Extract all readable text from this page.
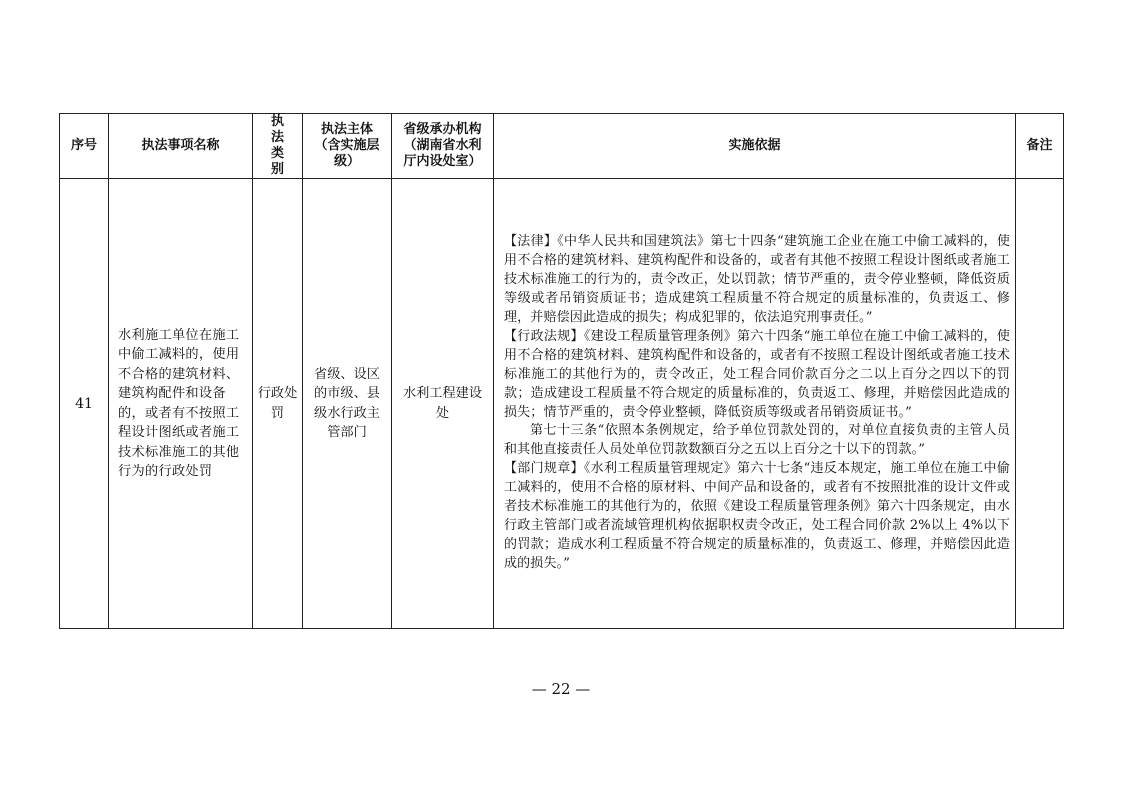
序号	执法事项名称	执法类别	执法主体（含实施层级）	省级承办机构（湖南省水利厅内设处室）	实施依据	备注
41	水利施工单位在施工中偷工减料的，使用不合格的建筑材料、建筑构配件和设备的，或者有不按照工程设计图纸或者施工技术标准施工的其他行为的行政处罚	行政处罚	省级、设区的市级、县级水行政主管部门	水利工程建设处	【法律】《中华人民共和国建筑法》第七十四条“建筑施工企业在施工中偷工减料的，使用不合格的建筑材料、建筑构配件和设备的，或者有其他不按照工程设计图纸或者施工技术标准施工的行为的，责令改正，处以罚款；情节严重的，责令停业整顿，降低资质等级或者吊销资质证书；造成建筑工程质量不符合规定的质量标准的，负责返工、修理，并赔偿因此造成的损失；构成犯罪的，依法追究刑事责任。”

【行政法规】《建设工程质量管理条例》第六十四条“施工单位在施工中偷工减料的，使用不合格的建筑材料、建筑构配件和设备的，或者有不按照工程设计图纸或者施工技术标准施工的其他行为的，责令改正，处工程合同价款百分之二以上百分之四以下的罚款；造成建设工程质量不符合规定的质量标准的，负责返工、修理，并赔偿因此造成的损失；情节严重的，责令停业整顿，降低资质等级或者吊销资质证书。”

第七十三条“依照本条例规定，给予单位罚款处罚的，对单位直接负责的主管人员和其他直接责任人员处单位罚款数额百分之五以上百分之十以下的罚款。”

【部门规章】《水利工程质量管理规定》第六十七条“违反本规定，施工单位在施工中偷工减料的，使用不合格的原材料、中间产品和设备的，或者有不按照批准的设计文件或者技术标准施工的其他行为的，依照《建设工程质量管理条例》第六十四条规定，由水行政主管部门或者流域管理机构依据职权责令改正，处工程合同价款 2%以上 4%以下的罚款；造成水利工程质量不符合规定的质量标准的，负责返工、修理，并赔偿因此造成的损失。”	

— 22 —
